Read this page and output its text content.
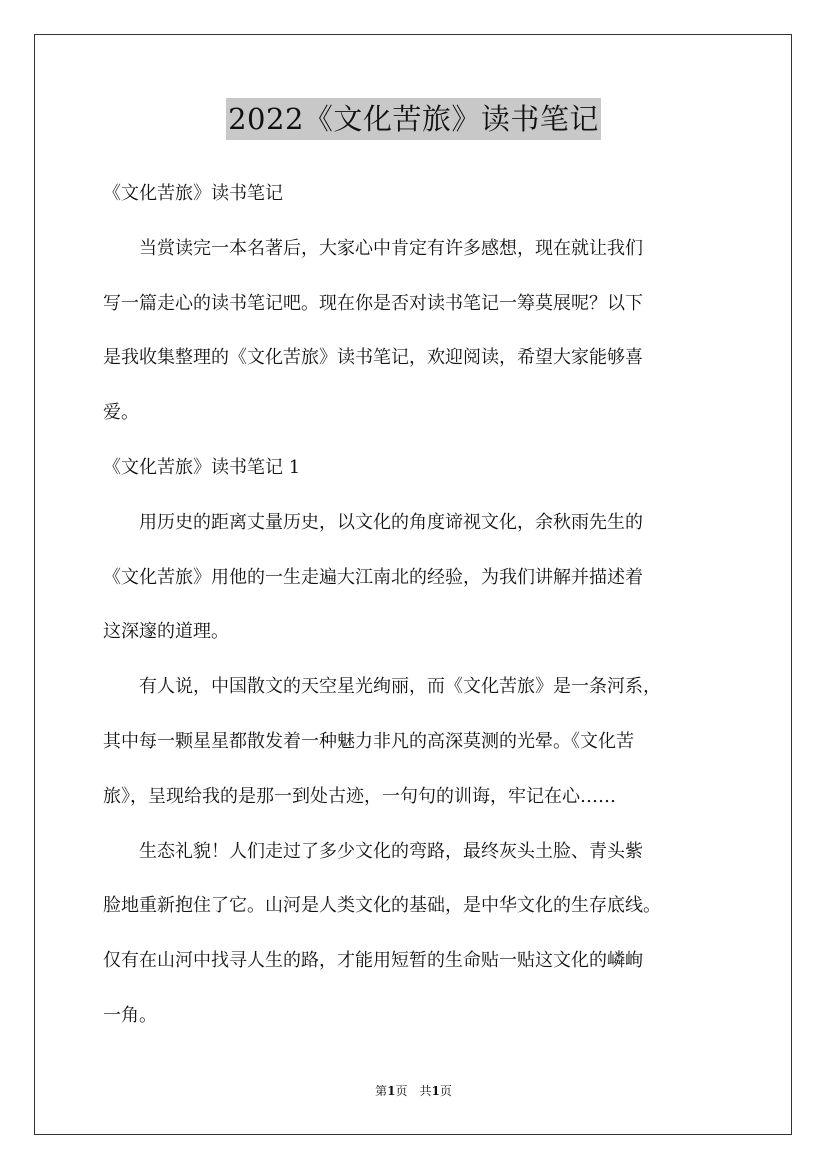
2022《文化苦旅》读书笔记
《文化苦旅》读书笔记
　　当赏读完一本名著后，大家心中肯定有许多感想，现在就让我们
写一篇走心的读书笔记吧。现在你是否对读书笔记一筹莫展呢？以下
是我收集整理的《文化苦旅》读书笔记，欢迎阅读，希望大家能够喜
爱。
《文化苦旅》读书笔记 1
　　用历史的距离丈量历史，以文化的角度谛视文化，余秋雨先生的
《文化苦旅》用他的一生走遍大江南北的经验，为我们讲解并描述着
这深邃的道理。
　　有人说，中国散文的天空星光绚丽，而《文化苦旅》是一条河系，
其中每一颗星星都散发着一种魅力非凡的高深莫测的光晕。《文化苦
旅》，呈现给我的是那一到处古迹，一句句的训诲，牢记在心……
　　生态礼貌！人们走过了多少文化的弯路，最终灰头土脸、青头紫
脸地重新抱住了它。山河是人类文化的基础，是中华文化的生存底线。
仅有在山河中找寻人生的路，才能用短暂的生命贴一贴这文化的嶙峋
一角。
第1页　共1页
